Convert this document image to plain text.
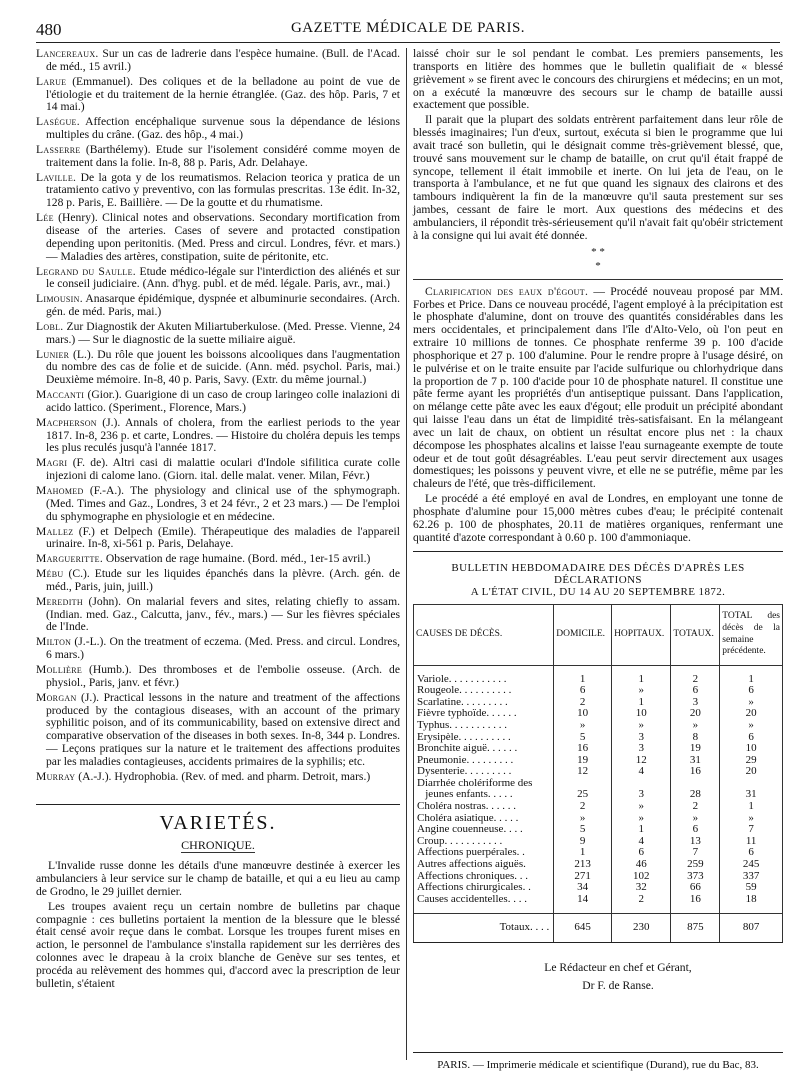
480	GAZETTE MÉDICALE DE PARIS.
Lancereaux. Sur un cas de ladrerie dans l'espèce humaine. (Bull. de l'Acad. de méd., 15 avril.)
Larue (Emmanuel). Des coliques et de la belladone au point de vue de l'étiologie et du traitement de la hernie étranglée. (Gaz. des hôp. Paris, 7 et 14 mai.)
Laségue. Affection encéphalique survenue sous la dépendance de lésions multiples du crâne. (Gaz. des hôp., 4 mai.)
Lasserre (Barthélemy). Etude sur l'isolement considéré comme moyen de traitement dans la folie. In-8, 88 p. Paris, Adr. Delahaye.
Laville. De la gota y de los reumatismos. Relacion teorica y pratica de un tratamiento cativo y preventivo, con las formulas prescritas. 13e édit. In-32, 128 p. Paris, E. Baillière. — De la goutte et du rhumatisme.
Lée (Henry). Clinical notes and observations. Secondary mortification from disease of the arteries. Cases of severe and protacted constipation depending upon peritonitis. (Med. Press and circul. Londres, févr. et mars.) — Maladies des artères, constipation, suite de péritonite, etc.
Legrand du Saulle. Etude médico-légale sur l'interdiction des aliénés et sur le conseil judiciaire. (Ann. d'hyg. publ. et de méd. légale. Paris, avr., mai.)
Limousin. Anasarque épidémique, dyspnée et albuminurie secondaires. (Arch. gén. de méd. Paris, mai.)
Lobl. Zur Diagnostik der Akuten Miliartuberkulose. (Med. Presse. Vienne, 24 mars.) — Sur le diagnostic de la suette miliaire aiguë.
Lunier (L.). Du rôle que jouent les boissons alcooliques dans l'augmentation du nombre des cas de folie et de suicide. (Ann. méd. psychol. Paris, mai.) Deuxième mémoire. In-8, 40 p. Paris, Savy. (Extr. du même journal.)
Maccanti (Gior.). Guarigione di un caso de croup laringeo colle inalazioni di acido lattico. (Speriment., Florence, Mars.)
Macpherson (J.). Annals of cholera, from the earliest periods to the year 1817. In-8, 236 p. et carte, Londres. — Histoire du choléra depuis les temps les plus reculés jusqu'à l'année 1817.
Magri (F. de). Altri casi di malattie oculari d'Indole sifilitica curate colle injezioni di calome lano. (Giorn. ital. delle malat. vener. Milan, Févr.)
Mahomed (F.-A.). The physiology and clinical use of the sphymograph. (Med. Times and Gaz., Londres, 3 et 24 févr., 2 et 23 mars.) — De l'emploi du sphymographe en physiologie et en médecine.
Mallez (F.) et Delpech (Emile). Thérapeutique des maladies de l'appareil urinaire. In-8, xi-561 p. Paris, Delahaye.
Margueritte. Observation de rage humaine. (Bord. méd., 1er-15 avril.)
Mébu (C.). Etude sur les liquides épanchés dans la plèvre. (Arch. gén. de méd., Paris, juin, juill.)
Meredith (John). On malarial fevers and sites, relating chiefly to assam. (Indian. med. Gaz., Calcutta, janv., fév., mars.) — Sur les fièvres spéciales de l'Inde.
Milton (J.-L.). On the treatment of eczema. (Med. Press. and circul. Londres, 6 mars.)
Mollière (Humb.). Des thromboses et de l'embolie osseuse. (Arch. de physiol., Paris, janv. et févr.)
Morgan (J.). Practical lessons in the nature and treatment of the affections produced by the contagious diseases, with an account of the primary syphilitic poison, and of its communicability, based on extensive direct and comparative observation of the diseases in both sexes. In-8, 344 p. Londres. — Leçons pratiques sur la nature et le traitement des affections produites par les maladies contagieuses, accidents primaires de la syphilis; etc.
Murray (A.-J.). Hydrophobia. (Rev. of med. and pharm. Detroit, mars.)
VARIETÉS.
CHRONIQUE.

L'Invalide russe donne les détails d'une manœuvre destinée à exercer les ambulanciers à leur service sur le champ de bataille, et qui a eu lieu au camp de Grodno, le 29 juillet dernier.

Les troupes avaient reçu un certain nombre de bulletins par chaque compagnie : ces bulletins portaient la mention de la blessure que le blessé était censé avoir reçue dans le combat. Lorsque les troupes furent mises en action, le personnel de l'ambulance s'installa rapidement sur les derrières des colonnes avec le drapeau à la croix blanche de Genève sur ses tentes, et procéda au relèvement des hommes qui, d'accord avec la prescription de leur bulletin, s'étaient

laissé choir sur le sol pendant le combat. Les premiers pansements, les transports en litière des hommes que le bulletin qualifiait de « blessé grièvement » se firent avec le concours des chirurgiens et médecins; en un mot, on a exécuté la manœuvre des secours sur le champ de bataille aussi exactement que possible.

Il parait que la plupart des soldats entrèrent parfaitement dans leur rôle de blessés imaginaires; l'un d'eux, surtout, exécuta si bien le programme que lui avait tracé son bulletin, qui le désignait comme très-grièvement blessé, que, trouvé sans mouvement sur le champ de bataille, on crut qu'il était frappé de syncope, tellement il était immobile et inerte. On lui jeta de l'eau, on le transporta à l'ambulance, et ne fut que quand les signaux des clairons et des tambours indiquèrent la fin de la manœuvre qu'il sauta prestement sur ses jambes, cessant de faire le mort. Aux questions des médecins et des ambulanciers, il répondit très-sérieusement qu'il n'avait fait qu'obéir strictement à la consigne qui lui avait été donnée.

* *
*

Clarification des eaux d'égout. — Procédé nouveau proposé par MM. Forbes et Price. Dans ce nouveau procédé, l'agent employé à la précipitation est le phosphate d'alumine, dont on trouve des quantités considérables dans les mers occidentales, et principalement dans l'île d'Alto-Velo, où l'on peut en extraire 10 millions de tonnes. Ce phosphate renferme 39 p. 100 d'acide phosphorique et 27 p. 100 d'alumine. Pour le rendre propre à l'usage désiré, on le pulvérise et on le traite ensuite par l'acide sulfurique ou chlorhydrique dans la proportion de 7 p. 100 d'acide pour 10 de phosphate naturel. Il constitue une pâte ferme ayant les propriétés d'un antiseptique puissant. Dans l'application, on mélange cette pâte avec les eaux d'égout; elle produit un précipité abondant qui laisse l'eau dans un état de limpidité très-satisfaisant. En la mélangeant avec un lait de chaux, on obtient un résultat encore plus net : la chaux décompose les phosphates alcalins et laisse l'eau surnageante exempte de toute odeur et de tout goût désagréables. L'eau peut servir directement aux usages domestiques; les poissons y peuvent vivre, et elle ne se putréfie, même par les chaleurs de l'été, que très-difficilement.

Le procédé a été employé en aval de Londres, en employant une tonne de phosphate d'alumine pour 15,000 mètres cubes d'eau; le précipité contenait 62.26 p. 100 de phosphates, 20.11 de matières organiques, renfermant une quantité d'azote correspondant à 0.60 p. 100 d'ammoniaque.

BULLETIN HEBDOMADAIRE DES DÉCÈS D'APRÈS LES DÉCLARATIONS
A L'ÉTAT CIVIL, DU 14 AU 20 SEPTEMBRE 1872.
CAUSES DE DÉCÈS.	DOMICILE.	HOPITAUX.	TOTAUX.	TOTAL des décès de la semaine précédente.
Variole. . . . . . . . . . .	1	1	2	1
Rougeole. . . . . . . . . .	6	»	6	6
Scarlatine. . . . . . . . .	2	1	3	»
Fièvre typhoïde. . . . . .	10	10	20	20
Typhus. . . . . . . . . . .	»	»	»	»
Erysipèle. . . . . . . . . .	5	3	8	6
Bronchite aiguë. . . . . .	16	3	19	10
Pneumonie. . . . . . . . .	19	12	31	29
Dysenterie. . . . . . . . .	12	4	16	20
Diarrhée cholériforme des				
jeunes enfants. . . . .	25	3	28	31
Choléra nostras. . . . . .	2	»	2	1
Choléra asiatique. . . . .	»	»	»	»
Angine couenneuse. . . .	5	1	6	7
Croup. . . . . . . . . . .	9	4	13	11
Affections puerpérales. .	1	6	7	6
Autres affections aiguës.	213	46	259	245
Affections chroniques. . .	271	102	373	337
Affections chirurgicales. .	34	32	66	59
Causes accidentelles. . . .	14	2	16	18
Totaux. . . .	645	230	875	807
Le Rédacteur en chef et Gérant,
Dr F. de Ranse.
PARIS. — Imprimerie médicale et scientifique (Durand), rue du Bac, 83.
